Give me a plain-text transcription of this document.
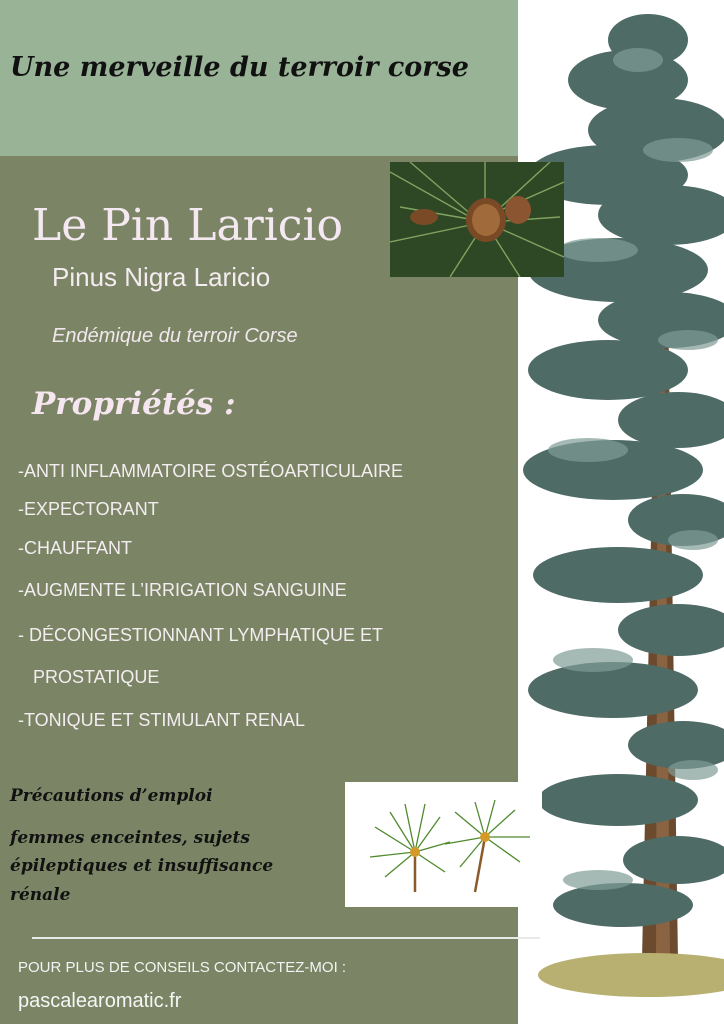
Une merveille du terroir corse
Le Pin Laricio
Pinus Nigra Laricio
Endémique du terroir Corse
Propriétés :
-ANTI INFLAMMATOIRE OSTÉOARTICULAIRE
-EXPECTORANT
-CHAUFFANT
-AUGMENTE L’IRRIGATION SANGUINE
- DÉCONGESTIONNANT LYMPHATIQUE ET
PROSTATIQUE
-TONIQUE ET STIMULANT RENAL
Précautions d’emploi
femmes enceintes, sujets
épileptiques et insuffisance
rénale
POUR PLUS DE CONSEILS CONTACTEZ-MOI :
pascalearomatic.fr
